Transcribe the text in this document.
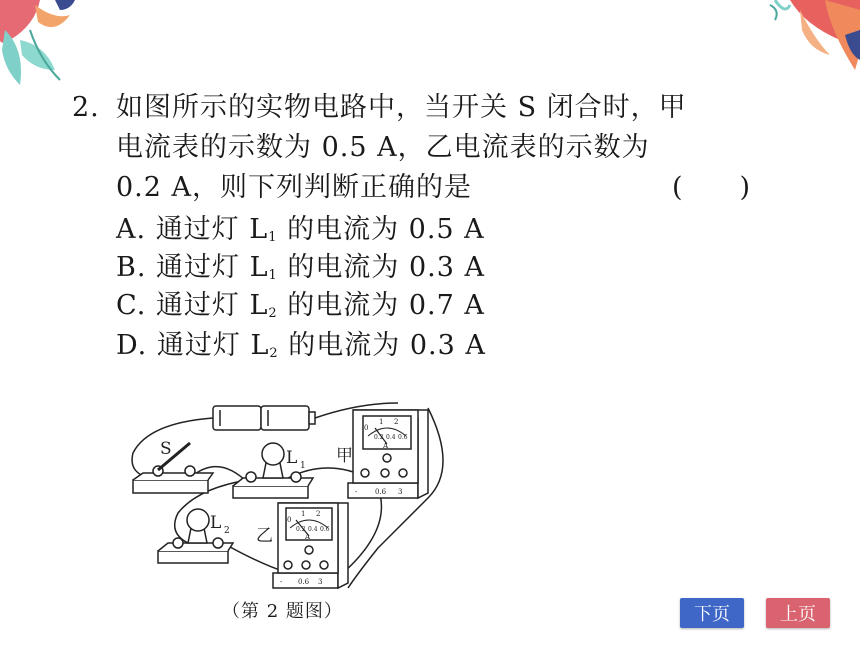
2. 如图所示的实物电路中，当开关 S 闭合时，甲
电流表的示数为 0.5 A，乙电流表的示数为
0.2 A，则下列判断正确的是	(　　)
A. 通过灯 $L_1$ 的电流为 0.5 A
B. 通过灯 $L_1$ 的电流为 0.3 A
C. 通过灯 $L_2$ 的电流为 0.7 A
D. 通过灯 $L_2$ 的电流为 0.3 A
S	L 1 甲
0
1 2
0.2 0.4 0.6
A
-	0.6 3
L 2 乙
0
1 2
0.2 0.4 0.6
A
- 0.6 3
（第 2 题图）	下页	上页
